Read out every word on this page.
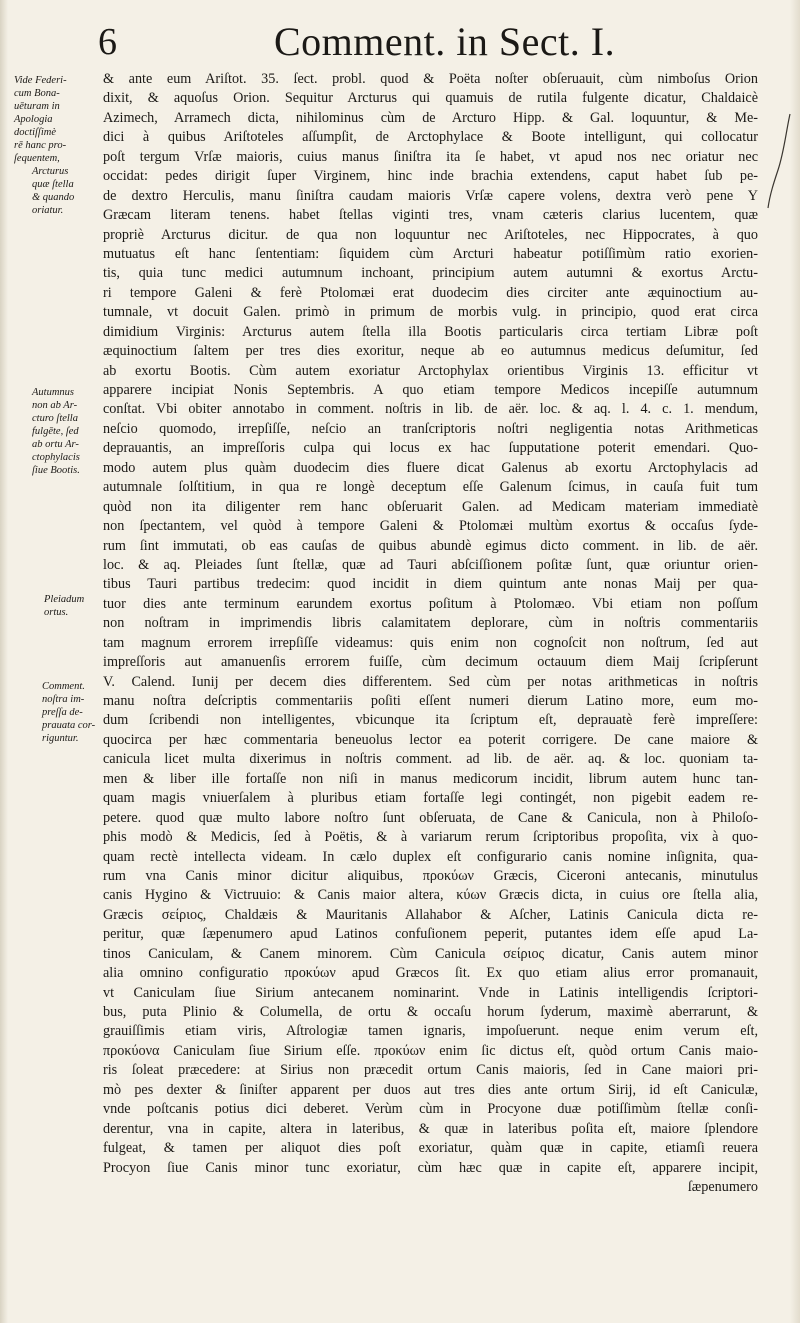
6	Comment. in Sect. I.
Vide Federi-
cum Bona-
uēturam in
Apologia
doctiſſimè
rē hanc pro-
ſequentem,
Arcturus
quæ ſtella
& quando
oriatur.
Autumnus
non ab Ar-
cturo ſtella
fulgēte, ſed
ab ortu Ar-
ctophylacis
ſiue Bootis.
Pleiadum
ortus.
Comment.
noſtra im-
preſſa de-
prauata cor-
riguntur.
& ante eum Ariſtot. 35. ſect. probl. quod & Poëta noſter obſeruauit, cùm nimboſus Orion
dixit, & aquoſus Orion. Sequitur Arcturus qui quamuis de rutila fulgente dicatur, Chaldaicè
Azimech, Arramech dicta, nihilominus cùm de Arcturo Hipp. & Gal. loquuntur, & Me-
dici à quibus Ariſtoteles aſſumpſit, de Arctophylace & Boote intelligunt, qui collocatur
poſt tergum Vrſæ maioris, cuius manus ſiniſtra ita ſe habet, vt apud nos nec oriatur nec
occidat: pedes dirigit ſuper Virginem, hinc inde brachia extendens, caput habet ſub pe-
de dextro Herculis, manu ſiniſtra caudam maioris Vrſæ capere volens, dextra verò pene Y
Græcam literam tenens. habet ſtellas viginti tres, vnam cæteris clarius lucentem, quæ
propriè Arcturus dicitur. de qua non loquuntur nec Ariſtoteles, nec Hippocrates, à quo
mutuatus eſt hanc ſententiam: ſiquidem cùm Arcturi habeatur potiſſimùm ratio exorien-
tis, quia tunc medici autumnum inchoant, principium autem autumni & exortus Arctu-
ri tempore Galeni & ferè Ptolomæi erat duodecim dies circiter ante æquinoctium au-
tumnale, vt docuit Galen. primò in primum de morbis vulg. in principio, quod erat circa
dimidium Virginis: Arcturus autem ſtella illa Bootis particularis circa tertiam Libræ poſt
æquinoctium ſaltem per tres dies exoritur, neque ab eo autumnus medicus deſumitur, ſed
ab exortu Bootis. Cùm autem exoriatur Arctophylax orientibus Virginis 13. efficitur vt
apparere incipiat Nonis Septembris. A quo etiam tempore Medicos incepiſſe autumnum
conſtat. Vbi obiter annotabo in comment. noſtris in lib. de aër. loc. & aq. l. 4. c. 1. mendum,
neſcio quomodo, irrepſiſſe, neſcio an tranſcriptoris noſtri negligentia notas Arithmeticas
deprauantis, an impreſſoris culpa qui locus ex hac ſupputatione poterit emendari. Quo-
modo autem plus quàm duodecim dies fluere dicat Galenus ab exortu Arctophylacis ad
autumnale ſolſtitium, in qua re longè deceptum eſſe Galenum ſcimus, in cauſa fuit tum
quòd non ita diligenter rem hanc obſeruarit Galen. ad Medicam materiam immediatè
non ſpectantem, vel quòd à tempore Galeni & Ptolomæi multùm exortus & occaſus ſyde-
rum ſint immutati, ob eas cauſas de quibus abundè egimus dicto comment. in lib. de aër.
loc. & aq. Pleiades ſunt ſtellæ, quæ ad Tauri abſciſſionem poſitæ ſunt, quæ oriuntur orien-
tibus Tauri partibus tredecim: quod incidit in diem quintum ante nonas Maij per qua-
tuor dies ante terminum earundem exortus poſitum à Ptolomæo. Vbi etiam non poſſum
non noſtram in imprimendis libris calamitatem deplorare, cùm in noſtris commentariis
tam magnum errorem irrepſiſſe videamus: quis enim non cognoſcit non noſtrum, ſed aut
impreſſoris aut amanuenſis errorem fuiſſe, cùm decimum octauum diem Maij ſcripſerunt
V. Calend. Iunij per decem dies differentem. Sed cùm per notas arithmeticas in noſtris
manu noſtra deſcriptis commentariis poſiti eſſent numeri dierum Latino more, eum mo-
dum ſcribendi non intelligentes, vbicunque ita ſcriptum eſt, deprauatè ferè impreſſere:
quocirca per hæc commentaria beneuolus lector ea poterit corrigere. De cane maiore &
canicula licet multa dixerimus in noſtris comment. ad lib. de aër. aq. & loc. quoniam ta-
men & liber ille fortaſſe non niſi in manus medicorum incidit, librum autem hunc tan-
quam magis vniuerſalem à pluribus etiam fortaſſe legi contingét, non pigebit eadem re-
petere. quod quæ multo labore noſtro ſunt obſeruata, de Cane & Canicula, non à Philoſo-
phis modò & Medicis, ſed à Poëtis, & à variarum rerum ſcriptoribus propoſita, vix à quo-
quam rectè intellecta videam. In cælo duplex eſt configurario canis nomine inſignita, qua-
rum vna Canis minor dicitur aliquibus, προκύων Græcis, Ciceroni antecanis, minutulus
canis Hygino & Victruuio: & Canis maior altera, κύων Græcis dicta, in cuius ore ſtella alia,
Græcis σείριος, Chaldæis & Mauritanis Allahabor & Aſcher, Latinis Canicula dicta re-
peritur, quæ ſæpenumero apud Latinos confuſionem peperit, putantes idem eſſe apud La-
tinos Caniculam, & Canem minorem. Cùm Canicula σείριος dicatur, Canis autem minor
alia omnino configuratio προκύων apud Græcos ſit. Ex quo etiam alius error promanauit,
vt Caniculam ſiue Sirium antecanem nominarint. Vnde in Latinis intelligendis ſcriptori-
bus, puta Plinio & Columella, de ortu & occaſu horum ſyderum, maximè aberrarunt, &
grauiſſimis etiam viris, Aſtrologiæ tamen ignaris, impoſuerunt. neque enim verum eſt,
προκύονα Caniculam ſiue Sirium eſſe. προκύων enim ſic dictus eſt, quòd ortum Canis maio-
ris ſoleat præcedere: at Sirius non præcedit ortum Canis maioris, ſed in Cane maiori pri-
mò pes dexter & ſiniſter apparent per duos aut tres dies ante ortum Sirij, id eſt Caniculæ,
vnde poſtcanis potius dici deberet. Verùm cùm in Procyone duæ potiſſimùm ſtellæ conſi-
derentur, vna in capite, altera in lateribus, & quæ in lateribus poſita eſt, maiore ſplendore
fulgeat, & tamen per aliquot dies poſt exoriatur, quàm quæ in capite, etiamſi reuera
Procyon ſiue Canis minor tunc exoriatur, cùm hæc quæ in capite eſt, apparere incipit,
ſæpenumero
